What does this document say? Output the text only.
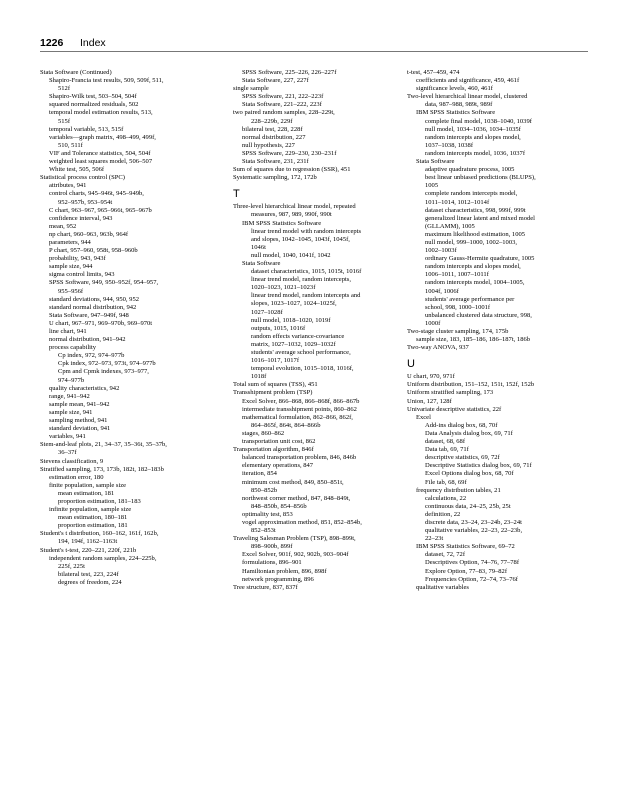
1226 Index
Stata Software (Continued)
Shapiro-Francia test results, 509, 509f, 511,
512f
Shapiro-Wilk test, 503–504, 504f
squared normalized residuals, 502
temporal model estimation results, 513,
515f
temporal variable, 513, 515f
variables—graph matrix, 498–499, 499f,
510, 511f
VIF and Tolerance statistics, 504, 504f
weighted least squares model, 506–507
White test, 505, 506f
Statistical process control (SPC)
attributes, 941
control charts, 945–946t, 945–949b,
952–957b, 953–954t
C chart, 963–967, 965–966t, 965–967b
confidence interval, 943
mean, 952
np chart, 960–963, 963b, 964f
parameters, 944
P chart, 957–960, 958t, 958–960b
probability, 943, 943f
sample size, 944
sigma control limits, 943
SPSS Software, 949, 950–952f, 954–957,
955–956f
standard deviations, 944, 950, 952
standard normal distribution, 942
Stata Software, 947–949f, 948
U chart, 967–971, 969–970b, 969–970t
line chart, 941
normal distribution, 941–942
process capability
Cp index, 972, 974–977b
Cpk index, 972–973, 973t, 974–977b
Cpm and Cpmk indexes, 973–977,
974–977b
quality characteristics, 942
range, 941–942
sample mean, 941–942
sample size, 941
sampling method, 941
standard deviation, 941
variables, 941
Stem-and-leaf plots, 21, 34–37, 35–36t, 35–37b,
36–37f
Stevens classification, 9
Stratified sampling, 173, 173b, 182t, 182–183b
estimation error, 180
finite population, sample size
mean estimation, 181
proportion estimation, 181–183
infinite population, sample size
mean estimation, 180–181
proportion estimation, 181
Student's t distribution, 160–162, 161f, 162b,
194, 194f, 1162–1163t
Student's t-test, 220–221, 220f, 221b
independent random samples, 224–225b,
225f, 225t
bilateral test, 223, 224f
degrees of freedom, 224
SPSS Software, 225–226, 226–227f
Stata Software, 227, 227f
single sample
SPSS Software, 221, 222–223f
Stata Software, 221–222, 223f
two paired random samples, 228–229t,
228–229b, 229f
bilateral test, 228, 228f
normal distribution, 227
null hypothesis, 227
SPSS Software, 229–230, 230–231f
Stata Software, 231, 231f
Sum of squares due to regression (SSR), 451
Systematic sampling, 172, 172b
T
Three-level hierarchical linear model, repeated
measures, 987, 989, 990f, 990t
IBM SPSS Statistics Software
linear trend model with random intercepts
and slopes, 1042–1045, 1043f, 1045f,
1046t
null model, 1040, 1041f, 1042
Stata Software
dataset characteristics, 1015, 1015t, 1016f
linear trend model, random intercepts,
1020–1023, 1021–1023f
linear trend model, random intercepts and
slopes, 1023–1027, 1024–1025f,
1027–1028f
null model, 1018–1020, 1019f
outputs, 1015, 1016f
random effects variance-covariance
matrix, 1027–1032, 1029–1032f
students' average school performance,
1016–1017, 1017f
temporal evolution, 1015–1018, 1016f,
1018f
Total sum of squares (TSS), 451
Transshipment problem (TSP)
Excel Solver, 866–868, 866–868f, 866–867b
intermediate transshipment points, 860–862
mathematical formulation, 862–866, 862f,
864–865f, 864t, 864–866b
stages, 860–862
transportation unit cost, 862
Transportation algorithm, 846f
balanced transportation problem, 846, 846b
elementary operations, 847
iteration, 854
minimum cost method, 849, 850–851t,
850–852b
northwest corner method, 847, 848–849t,
848–850b, 854–856b
optimality test, 853
vogel approximation method, 851, 852–854b,
852–853t
Traveling Salesman Problem (TSP), 898–899t,
898–900b, 899f
Excel Solver, 901f, 902, 902b, 903–904f
formulations, 896–901
Hamiltonian problem, 896, 898f
network programming, 896
Tree structure, 837, 837f
t-test, 457–459, 474
coefficients and significance, 459, 461f
significance levels, 460, 461f
Two-level hierarchical linear model, clustered
data, 987–988, 989t, 989f
IBM SPSS Statistics Software
complete final model, 1038–1040, 1039f
null model, 1034–1036, 1034–1035f
random intercepts and slopes model,
1037–1038, 1038f
random intercepts model, 1036, 1037f
Stata Software
adaptive quadrature process, 1005
best linear unbiased predictions (BLUPS),
1005
complete random intercepts model,
1011–1014, 1012–1014f
dataset characteristics, 998, 999f, 999t
generalized linear latent and mixed model
(GLLAMM), 1005
maximum likelihood estimation, 1005
null model, 999–1000, 1002–1003,
1002–1003f
ordinary Gauss-Hermite quadrature, 1005
random intercepts and slopes model,
1006–1011, 1007–1011f
random intercepts model, 1004–1005,
1004f, 1006f
students' average performance per
school, 998, 1000–1001f
unbalanced clustered data structure, 998,
1000f
Two-stage cluster sampling, 174, 175b
sample size, 183, 185–186, 186–187t, 186b
Two-way ANOVA, 937
U
U chart, 970, 971f
Uniform distribution, 151–152, 151t, 152f, 152b
Uniform stratified sampling, 173
Union, 127, 128f
Univariate descriptive statistics, 22f
Excel
Add-ins dialog box, 68, 70f
Data Analysis dialog box, 69, 71f
dataset, 68, 68f
Data tab, 69, 71f
descriptive statistics, 69, 72f
Descriptive Statistics dialog box, 69, 71f
Excel Options dialog box, 68, 70f
File tab, 68, 69f
frequency distribution tables, 21
calculations, 22
continuous data, 24–25, 25b, 25t
definition, 22
discrete data, 23–24, 23–24b, 23–24t
qualitative variables, 22–23, 22–23b,
22–23t
IBM SPSS Statistics Software, 69–72
dataset, 72, 72f
Descriptives Option, 74–76, 77–78f
Explore Option, 77–83, 79–82f
Frequencies Option, 72–74, 73–76f
qualitative variables
